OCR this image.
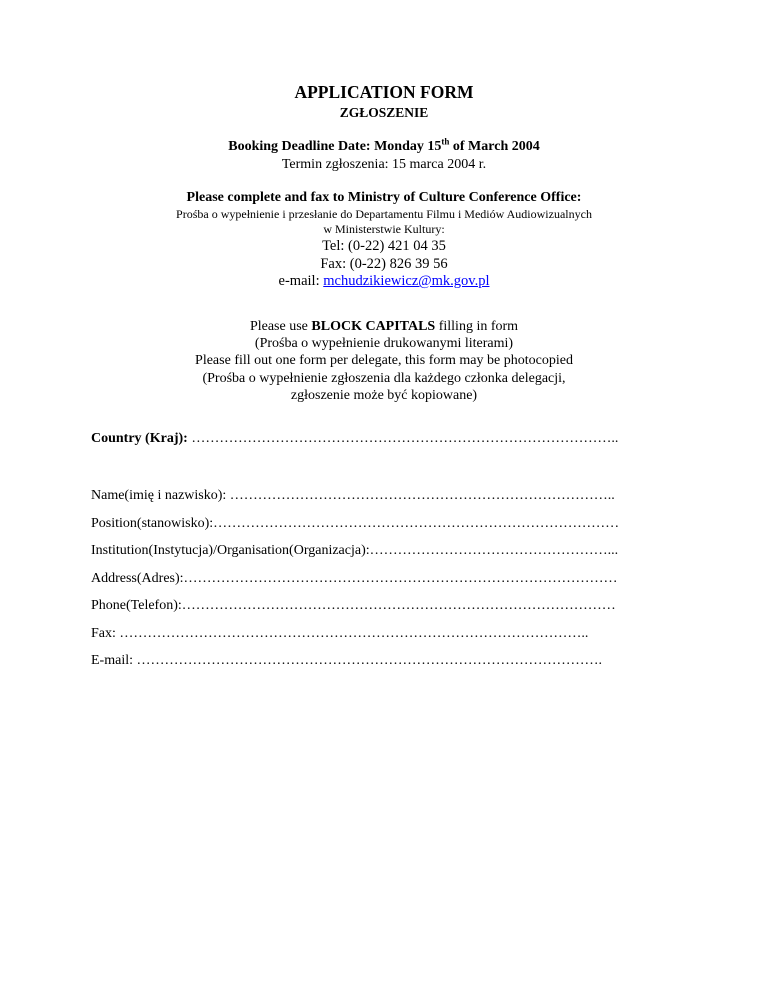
APPLICATION FORM
ZGŁOSZENIE
Booking Deadline Date: Monday 15th of March 2004
Termin zgłoszenia: 15 marca 2004 r.
Please complete and fax to Ministry of Culture Conference Office:
Prośba o wypełnienie i przesłanie do Departamentu Filmu i Mediów Audiowizualnych
w Ministerstwie Kultury:
Tel: (0-22) 421 04 35
Fax: (0-22) 826 39 56
e-mail: mchudzikiewicz@mk.gov.pl
Please use BLOCK CAPITALS filling in form
(Prośba o wypełnienie drukowanymi literami)
Please fill out one form per delegate, this form may be photocopied
(Prośba o wypełnienie zgłoszenia dla każdego członka delegacji,
zgłoszenie może być kopiowane)
Country (Kraj): ………………………………………………………………………………..
Name(imię i nazwisko): ………………………………………………………………………..
Position(stanowisko):……………………………………………………………………………
Institution(Instytucja)/Organisation(Organizacja):……………………………………………...
Address(Adres):…………………………………………………………………………………
Phone(Telefon):…………………………………………………………………………………
Fax: ………………………………………………………………………………………..
E-mail: ……………………………………………………………………………………….
